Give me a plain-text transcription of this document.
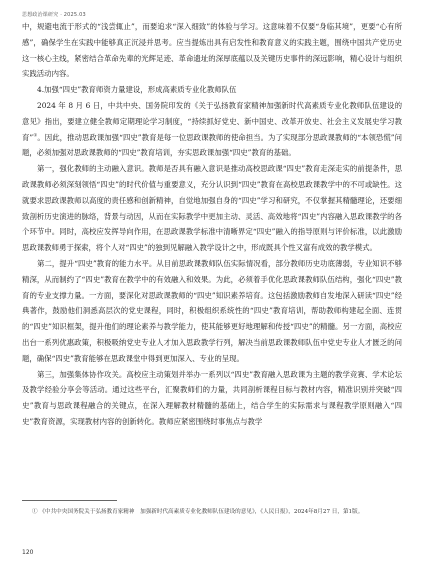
思想政治课研究 · 2025.03

中，规避电流于形式的“浅尝辄止”，而要追求“深入细致”的体验与学习。这意味着不仅要“身临其境”，更要“心有所感”，确保学生在实践中能够真正沉浸并思考。应当提炼出具有启发性和教育意义的实践主题，围绕中国共产党历史这一核心主线，紧密结合革命先辈的光辉足迹、革命遗址的深厚底蕴以及关键历史事件的深远影响，精心设计与组织实践活动内容。

4.加强“四史”教育师资力量建设，形成高素质专业化教师队伍

2024 年 8 月 6 日，中共中央、国务院印发的《关于弘扬教育家精神加强新时代高素质专业化教师队伍建设的意见》指出，要建立健全教师定期理论学习制度，“持续抓好党史、新中国史、改革开放史、社会主义发展史学习教育”①。因此，推动思政课加强“四史”教育是每一位思政课教师的使命担当。为了实现部分思政课教师的“本领恐慌”问题，必须加强对思政课教师的“四史”教育培训，夯实思政课加强“四史”教育的基础。

第一，强化教师的主动融入意识。教师是否具有融入意识是推动高校思政课“四史”教育走深走实的前提条件，思政课教师必须深刻领悟“四史”的时代价值与重要意义，充分认识到“四史”教育在高校思政课教学中的不可或缺性。这就要求思政课教师以高度的责任感和创新精神，自觉地加强自身的“四史”学习和研究，不仅掌握其精髓理论，还要细致剖析历史演进的脉络，背景与动因，从而在实际教学中更加主动、灵活、高效地将“四史”内容融入思政课教学的各个环节中。同时，高校应发挥导向作用，在思政课教学标准中清晰界定“四史”融入的指导原则与评价标准，以此激励思政课教师勇于探索，将个人对“四史”的独到见解融入教学设计之中，形成既具个性又富有成效的教学模式。

第二，提升“四史”教育的能力水平。从目前思政课教师队伍实际情况看，部分教师历史功底薄弱，专业知识不够精深，从而制约了“四史”教育在教学中的有效融入和效果。为此，必须着手优化思政课教师队伍结构，强化“四史”教育的专业支撑力量。一方面，要深化对思政课教师的“四史”知识素养培育。这包括激励教师自发地深入研读“四史”经典著作，鼓励他们洞悉高层次的党史课程，同时，积极组织系统性的“四史”教育培训，帮助教师构建起全面、连贯的“四史”知识框架，提升他们的理论素养与教学能力，使其能够更好地理解和传授“四史”的精髓。另一方面，高校应出台一系列优惠政策，积极吸纳党史专业人才加入思政教学行列，解决当前思政课教师队伍中党史专业人才匮乏的问题，确保“四史”教育能够在思政课堂中得到更加深入、专业的呈现。

第三，加强集体协作攻关。高校应主动策划并举办一系列以“四史”教育融入思政课为主题的教学竞赛、学术论坛及教学经验分享会等活动。通过这些平台，汇聚教师们的力量，共同剖析课程目标与教材内容，精准识别并突破“四史”教育与思政课程融合的关键点，在深入理解教材精髓的基础上，结合学生的实际需求与课程教学原则融入“四史”教育资源，实现教材内容的创新转化。教师应紧密围绕时事焦点与教学

① 《中共中央国务院关于弘扬教育家精神　加强新时代高素质专业化教师队伍建设的意见》，《人民日报》，2024年8月27 日，第1版。
120
